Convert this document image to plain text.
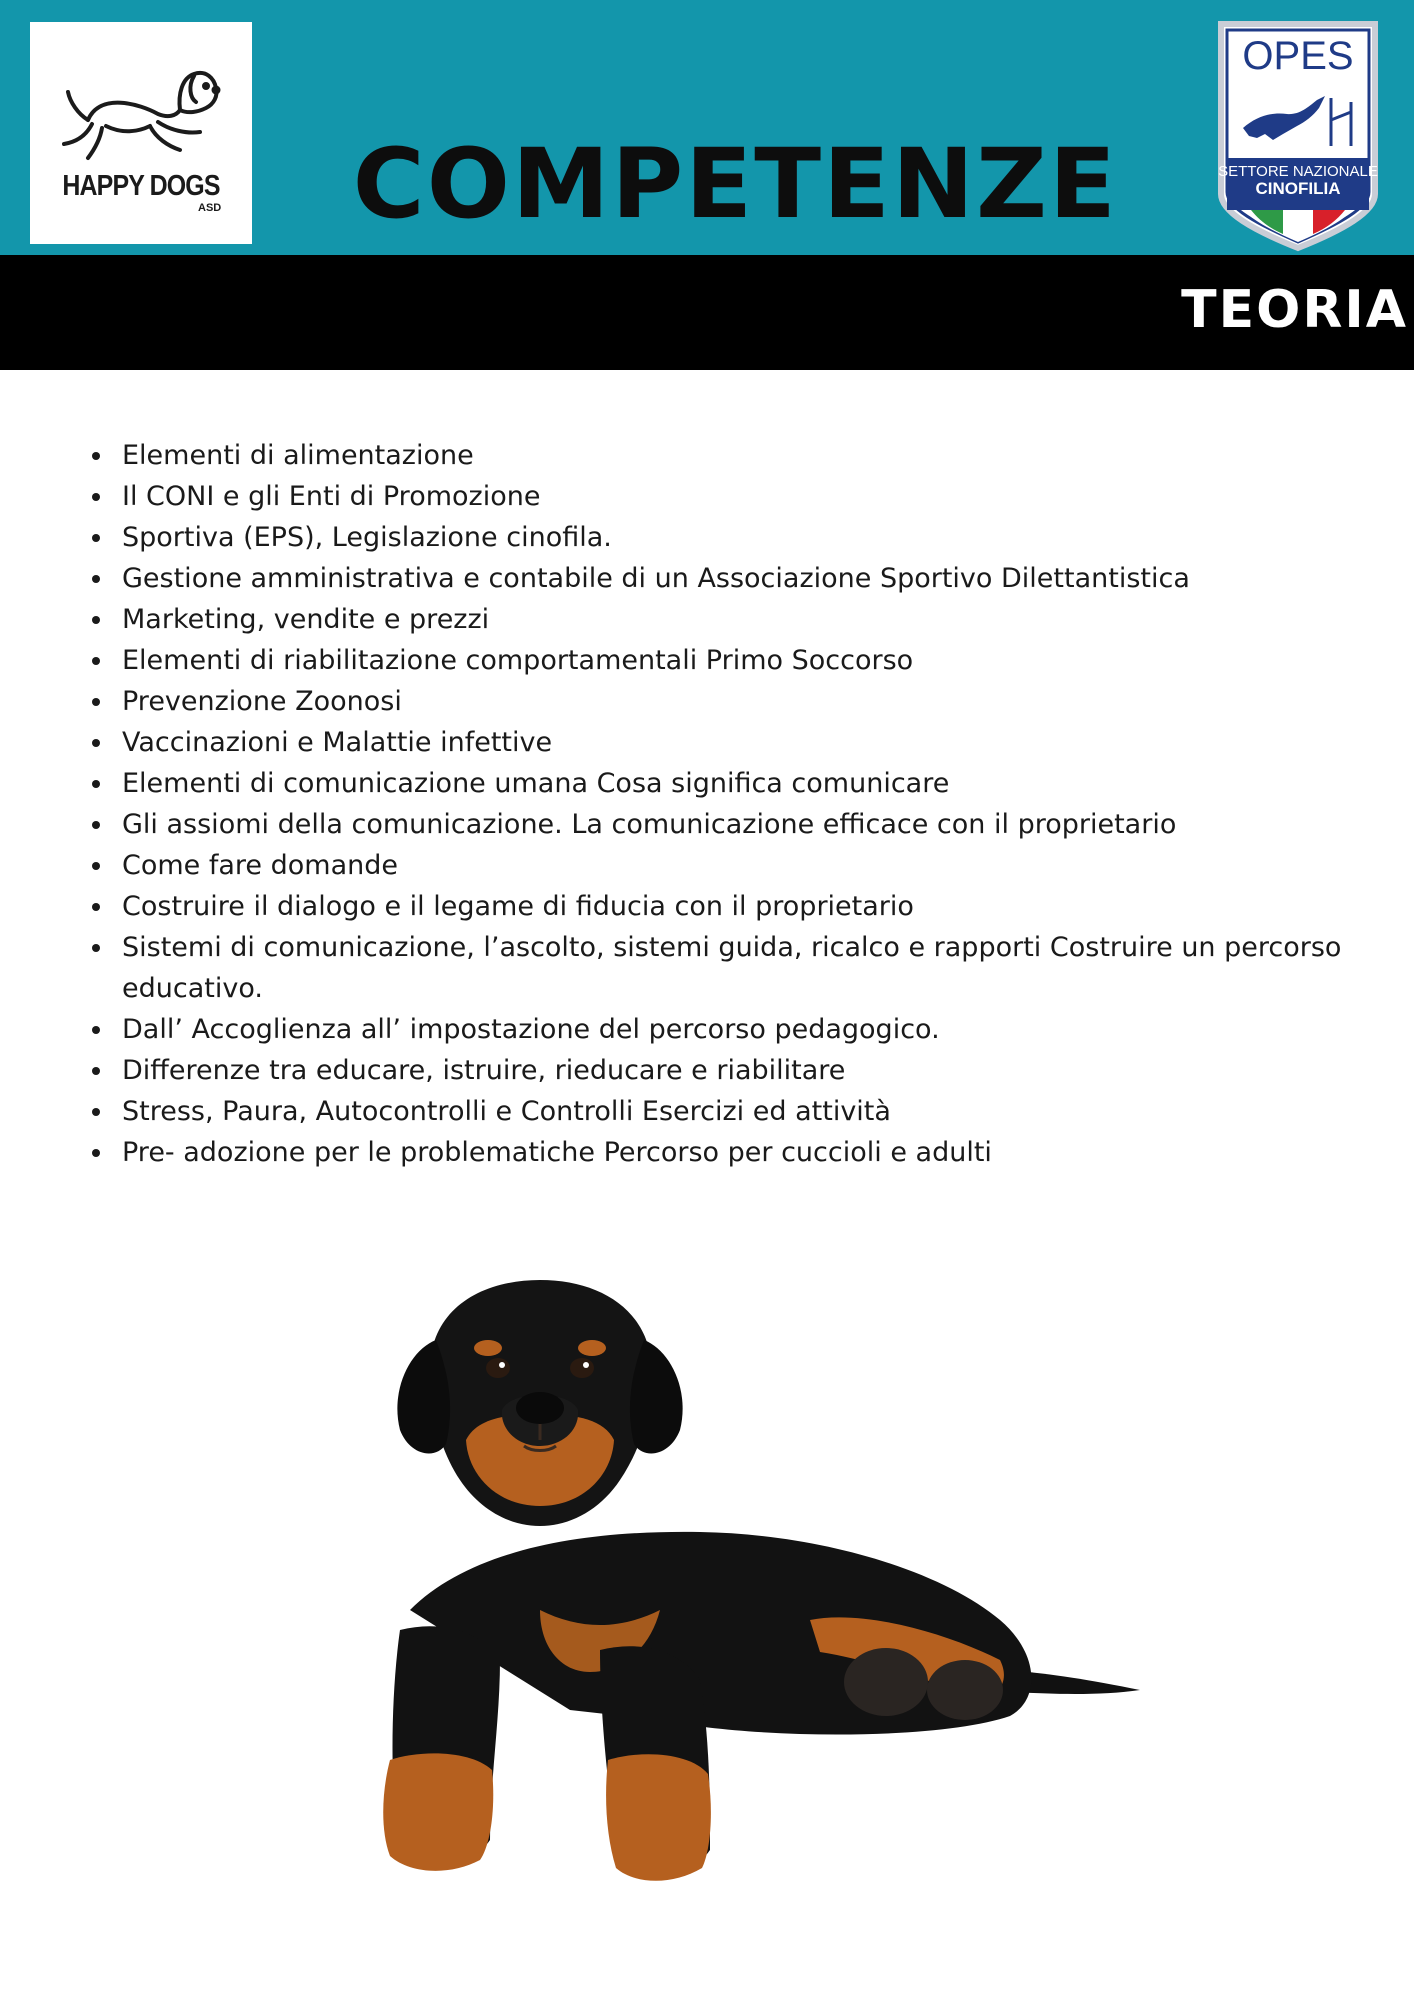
HAPPY DOGS
ASD COMPETENZE
OPES
SETTORE NAZIONALE
CINOFILIA
TEORIA
Elementi di alimentazione
Il CONI e gli Enti di Promozione
Sportiva (EPS), Legislazione cinofila.
Gestione amministrativa e contabile di un Associazione Sportivo Dilettantistica
Marketing, vendite e prezzi
Elementi di riabilitazione comportamentali Primo Soccorso
Prevenzione Zoonosi
Vaccinazioni e Malattie infettive
Elementi di comunicazione umana Cosa significa comunicare
Gli assiomi della comunicazione. La comunicazione efficace con il proprietario
Come fare domande
Costruire il dialogo e il legame di fiducia con il proprietario
Sistemi di comunicazione, l’ascolto, sistemi guida, ricalco e rapporti Costruire un percorso educativo.
Dall’ Accoglienza all’ impostazione del percorso pedagogico.
Differenze tra educare, istruire, rieducare e riabilitare
Stress, Paura, Autocontrolli e Controlli Esercizi ed attività
Pre- adozione per le problematiche Percorso per cuccioli e adulti
